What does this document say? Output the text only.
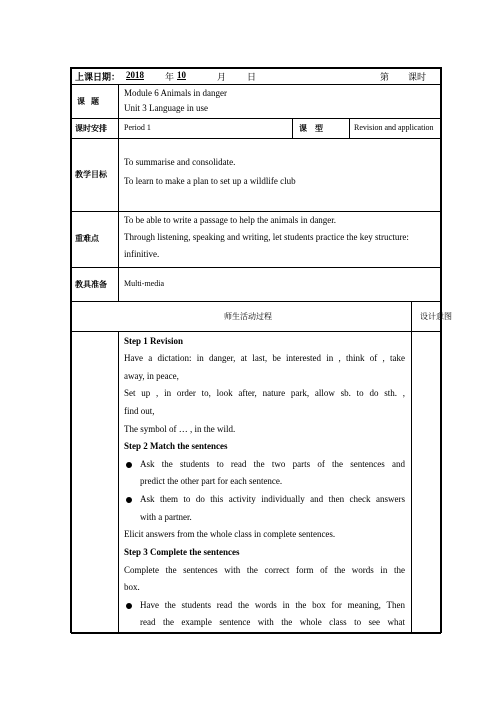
上课日期： 2018 年 10	月 日	第 课时
课题
Module 6 Animals in danger
Unit 3 Language in use
课时安排 Period 1	课型	Revision and application
教学目标
To summarise and consolidate.
To learn to make a plan to set up a wildlife club
重难点
To be able to write a passage to help the animals in danger.
Through listening, speaking and writing, let students practice the key structure:
infinitive.
教具准备 Multi-media
师生活动过程	设计意图
Step 1 Revision
Have a dictation: in danger, at last, be interested in , think of , take
away, in peace,
Set up , in order to, look after, nature park, allow sb. to do sth. ,
find out,
The symbol of … , in the wild.
Step 2 Match the sentences
Ask the students to read the two parts of the sentences and
predict the other part for each sentence.
Ask them to do this activity individually and then check answers
with a partner.
Elicit answers from the whole class in complete sentences.
Step 3 Complete the sentences
Complete the sentences with the correct form of the words in the
box.
Have the students read the words in the box for meaning, Then
read the example sentence with the whole class to see what
